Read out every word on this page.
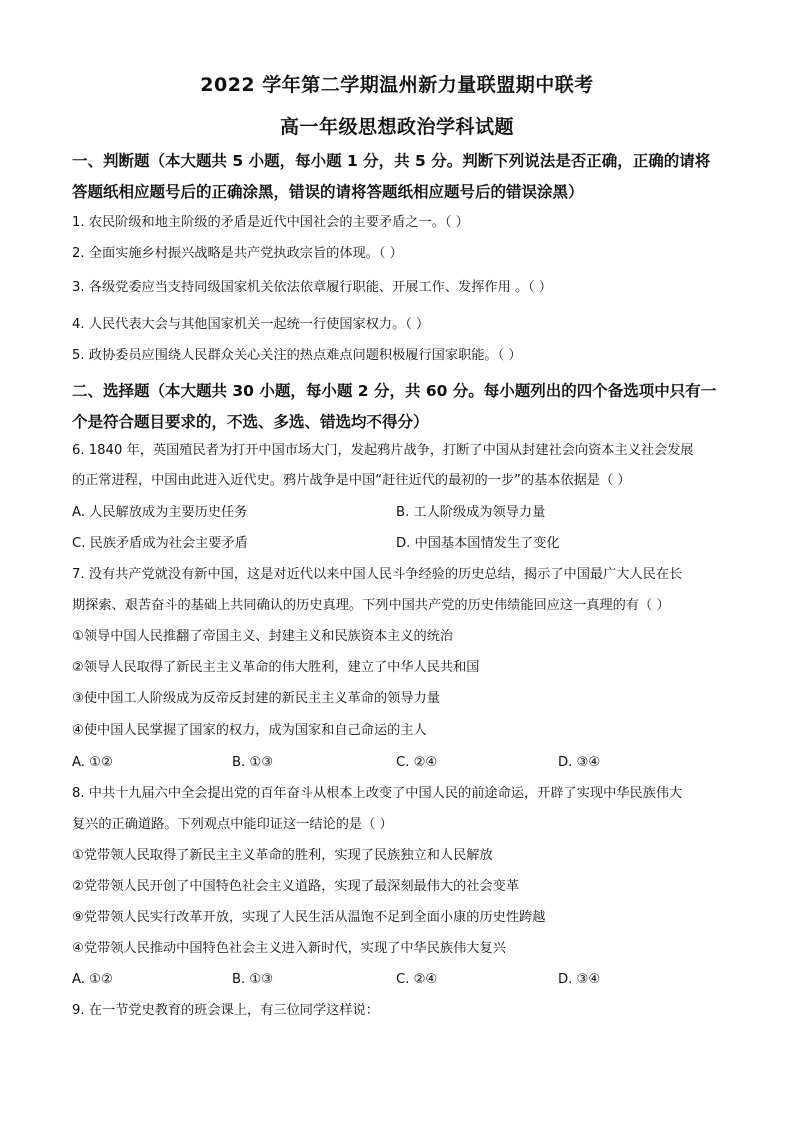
2022 学年第二学期温州新力量联盟期中联考
高一年级思想政治学科试题
一、判断题（本大题共 5 小题，每小题 1 分，共 5 分。判断下列说法是否正确，正确的请将
答题纸相应题号后的正确涂黑，错误的请将答题纸相应题号后的错误涂黑）
1. 农民阶级和地主阶级的矛盾是近代中国社会的主要矛盾之一。（ ）
2. 全面实施乡村振兴战略是共产党执政宗旨的体现。（ ）
3. 各级党委应当支持同级国家机关依法依章履行职能、开展工作、发挥作用 。（ ）
4. 人民代表大会与其他国家机关一起统一行使国家权力。（ ）
5. 政协委员应围绕人民群众关心关注的热点难点问题积极履行国家职能。（ ）
二、选择题（本大题共 30 小题，每小题 2 分，共 60 分。每小题列出的四个备选项中只有一
个是符合题目要求的，不选、多选、错选均不得分）
6. 1840 年，英国殖民者为打开中国市场大门，发起鸦片战争，打断了中国从封建社会向资本主义社会发展
的正常进程，中国由此进入近代史。鸦片战争是中国“赶往近代的最初的一步”的基本依据是（ ）
A. 人民解放成为主要历史任务	B. 工人阶级成为领导力量
C. 民族矛盾成为社会主要矛盾	D. 中国基本国情发生了变化
7. 没有共产党就没有新中国，这是对近代以来中国人民斗争经验的历史总结，揭示了中国最广大人民在长
期探索、艰苦奋斗的基础上共同确认的历史真理。下列中国共产党的历史伟绩能回应这一真理的有（ ）
①领导中国人民推翻了帝国主义、封建主义和民族资本主义的统治
②领导人民取得了新民主主义革命的伟大胜利，建立了中华人民共和国
③使中国工人阶级成为反帝反封建的新民主主义革命的领导力量
④使中国人民掌握了国家的权力，成为国家和自己命运的主人
A. ①②	B. ①③	C. ②④	D. ③④
8. 中共十九届六中全会提出党的百年奋斗从根本上改变了中国人民的前途命运，开辟了实现中华民族伟大
复兴的正确道路。下列观点中能印证这一结论的是（ ）
①党带领人民取得了新民主主义革命的胜利，实现了民族独立和人民解放
②党带领人民开创了中国特色社会主义道路，实现了最深刻最伟大的社会变革
⑨党带领人民实行改革开放，实现了人民生活从温饱不足到全面小康的历史性跨越
④党带领人民推动中国特色社会主义进入新时代，实现了中华民族伟大复兴
A. ①②	B. ①③	C. ②④	D. ③④
9. 在一节党史教育的班会课上，有三位同学这样说：
